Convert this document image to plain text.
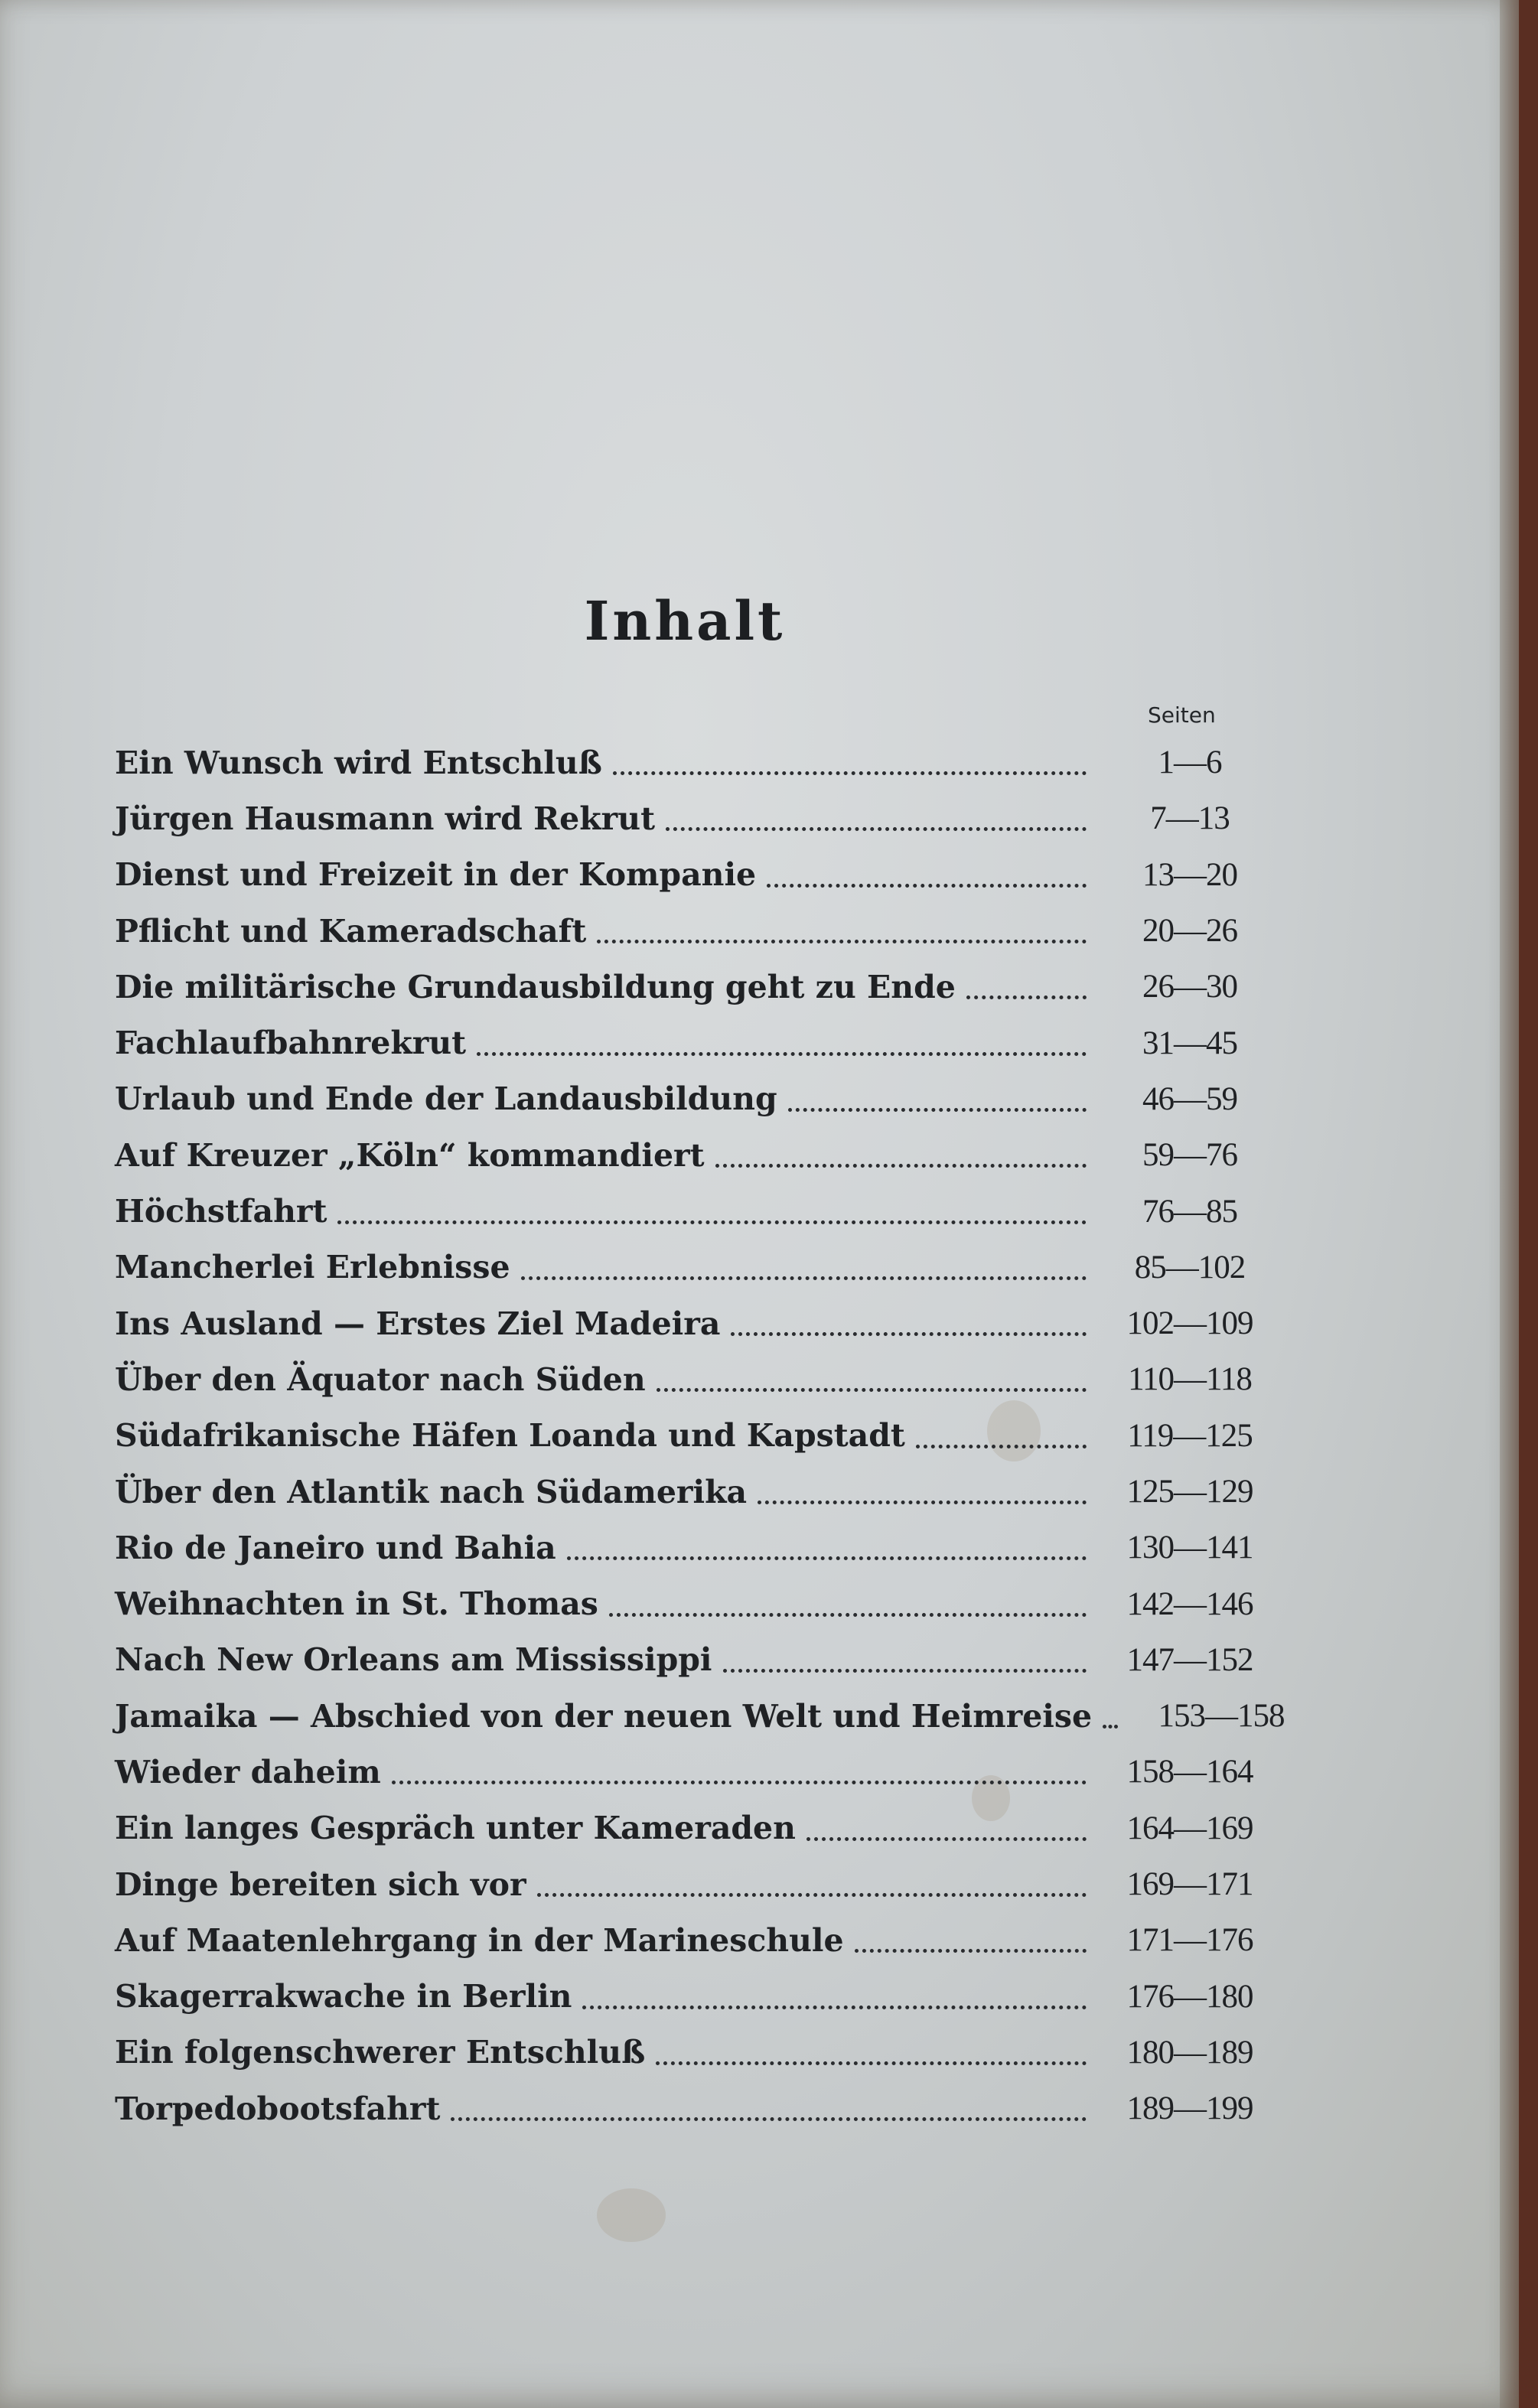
Inhalt
Seiten
Ein Wunsch wird Entschluß	1—6
Jürgen Hausmann wird Rekrut	7—13
Dienst und Freizeit in der Kompanie	13—20
Pflicht und Kameradschaft	20—26
Die militärische Grundausbildung geht zu Ende	26—30
Fachlaufbahnrekrut	31—45
Urlaub und Ende der Landausbildung	46—59
Auf Kreuzer „Köln“ kommandiert	59—76
Höchstfahrt	76—85
Mancherlei Erlebnisse	85—102
Ins Ausland — Erstes Ziel Madeira	102—109
Über den Äquator nach Süden	110—118
Südafrikanische Häfen Loanda und Kapstadt	119—125
Über den Atlantik nach Südamerika	125—129
Rio de Janeiro und Bahia	130—141
Weihnachten in St. Thomas	142—146
Nach New Orleans am Mississippi	147—152
Jamaika — Abschied von der neuen Welt und Heimreise	153—158
Wieder daheim	158—164
Ein langes Gespräch unter Kameraden	164—169
Dinge bereiten sich vor	169—171
Auf Maatenlehrgang in der Marineschule	171—176
Skagerrakwache in Berlin	176—180
Ein folgenschwerer Entschluß	180—189
Torpedobootsfahrt	189—199
